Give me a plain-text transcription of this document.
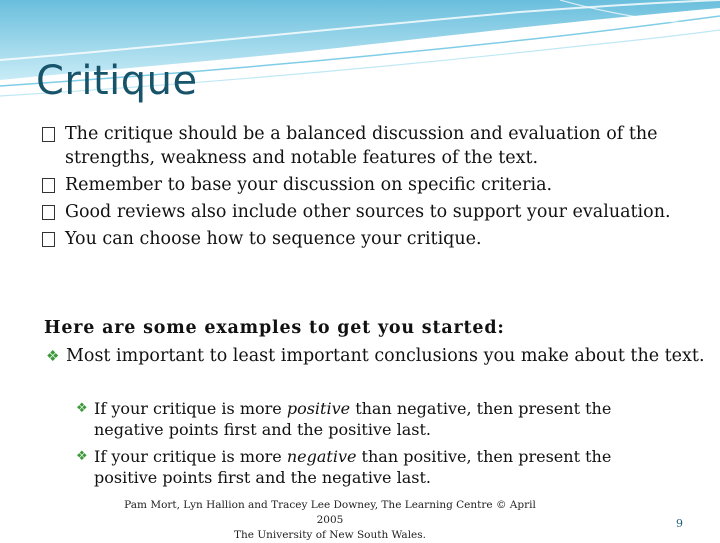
Critique
The critique should be a balanced discussion and evaluation of the strengths, weakness and notable features of the text.
Remember to base your discussion on specific criteria.
Good reviews also include other sources to support your evaluation.
You can choose how to sequence your critique.
Here are some examples to get you started:
❖ Most important to least important conclusions you make about the text.
❖ If your critique is more positive than negative, then present the negative points first and the positive last.
❖ If your critique is more negative than positive, then present the positive points first and the negative last.
Pam Mort, Lyn Hallion and Tracey Lee Downey, The Learning Centre © April 2005
The University of New South Wales.
9
